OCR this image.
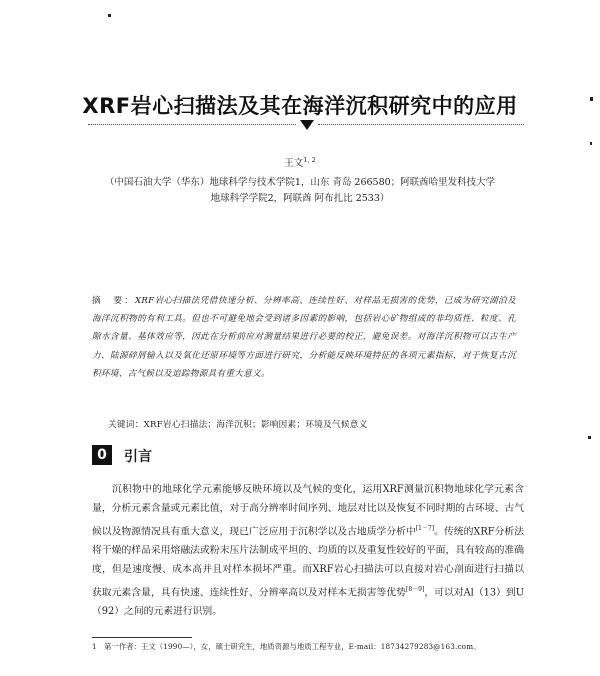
XRF岩心扫描法及其在海洋沉积研究中的应用
王文$^{1, 2}$
（中国石油大学（华东）地球科学与技术学院1，山东 青岛 266580；阿联酋哈里发科技大学
地球科学学院2，阿联酋 阿布扎比 2533）
摘　要：XRF岩心扫描法凭借快速分析、分辨率高、连续性好、对样品无损害的优势，已成为研究湖泊及海洋沉积物的有利工具。但也不可避免地会受到诸多因素的影响，包括岩心矿物组成的非均质性、粒度、孔隙水含量、基体效应等，因此在分析前应对测量结果进行必要的校正，避免误差。对海洋沉积物可以古生产力、陆源碎屑输入以及氧化还原环境等方面进行研究，分析能反映环境特征的各项元素指标，对于恢复古沉积环境、古气候以及追踪物源具有重大意义。
关键词：XRF岩心扫描法；海洋沉积；影响因素；环境及气候意义
0	引言

沉积物中的地球化学元素能够反映环境以及气候的变化，运用XRF测量沉积物地球化学元素含量，分析元素含量或元素比值，对于高分辨率时间序列、地层对比以及恢复不同时期的古环境、古气候以及物源情况具有重大意义，现已广泛应用于沉积学以及古地质学分析中[1－7]。传统的XRF分析法将干燥的样品采用熔融法或粉末压片法制成平坦的、均质的以及重复性较好的平面，具有较高的准确度，但是速度慢、成本高并且对样本损坏严重。而XRF岩心扫描法可以直接对岩心剖面进行扫描以获取元素含量，具有快速、连续性好、分辨率高以及对样本无损害等优势[8－9]，可以对Al（13）到U（92）之间的元素进行识别。

1　第一作者：王文（1990—），女，硕士研究生，地质资源与地质工程专业，E-mail：18734279283@163.com。
